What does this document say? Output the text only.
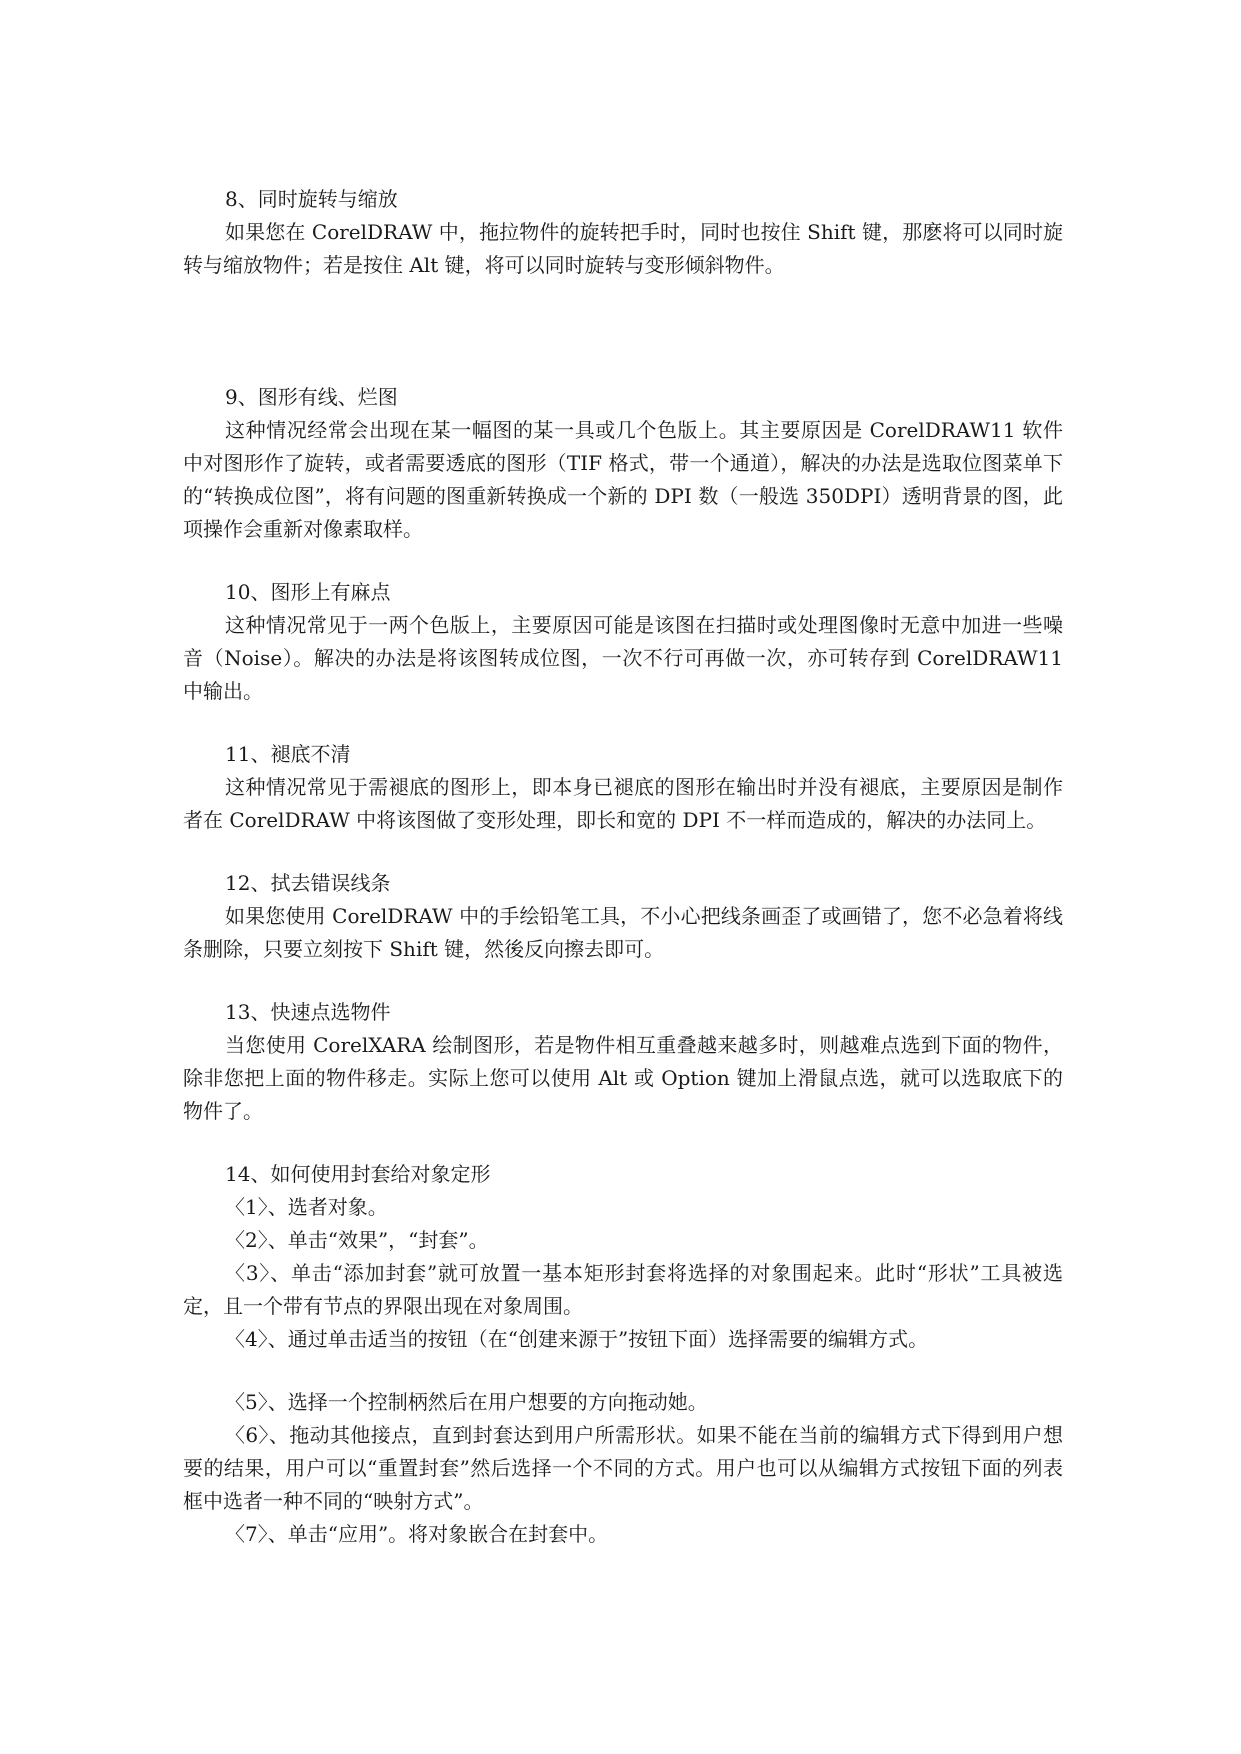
8、同时旋转与缩放

如果您在 CorelDRAW 中，拖拉物件的旋转把手时，同时也按住 Shift 键，那麽将可以同时旋转与缩放物件；若是按住 Alt 键，将可以同时旋转与变形倾斜物件。

9、图形有线、烂图

这种情况经常会出现在某一幅图的某一具或几个色版上。其主要原因是 CorelDRAW11 软件中对图形作了旋转，或者需要透底的图形（TIF 格式，带一个通道），解决的办法是选取位图菜单下的“转换成位图”，将有问题的图重新转换成一个新的 DPI 数（一般选 350DPI）透明背景的图，此项操作会重新对像素取样。

10、图形上有麻点

这种情况常见于一两个色版上，主要原因可能是该图在扫描时或处理图像时无意中加进一些噪音（Noise）。解决的办法是将该图转成位图，一次不行可再做一次，亦可转存到 CorelDRAW11 中输出。

11、褪底不清

这种情况常见于需褪底的图形上，即本身已褪底的图形在输出时并没有褪底，主要原因是制作者在 CorelDRAW 中将该图做了变形处理，即长和宽的 DPI 不一样而造成的，解决的办法同上。

12、拭去错误线条

如果您使用 CorelDRAW 中的手绘铅笔工具，不小心把线条画歪了或画错了，您不必急着将线条删除，只要立刻按下 Shift 键，然後反向擦去即可。

13、快速点选物件

当您使用 CorelXARA 绘制图形，若是物件相互重叠越来越多时，则越难点选到下面的物件，除非您把上面的物件移走。实际上您可以使用 Alt 或 Option 键加上滑鼠点选，就可以选取底下的物件了。

14、如何使用封套给对象定形

〈1〉、选者对象。

〈2〉、单击“效果”，“封套”。

〈3〉、单击“添加封套”就可放置一基本矩形封套将选择的对象围起来。此时“形状”工具被选定，且一个带有节点的界限出现在对象周围。

〈4〉、通过单击适当的按钮（在“创建来源于”按钮下面）选择需要的编辑方式。

〈5〉、选择一个控制柄然后在用户想要的方向拖动她。

〈6〉、拖动其他接点，直到封套达到用户所需形状。如果不能在当前的编辑方式下得到用户想要的结果，用户可以“重置封套”然后选择一个不同的方式。用户也可以从编辑方式按钮下面的列表框中选者一种不同的“映射方式”。

〈7〉、单击“应用”。将对象嵌合在封套中。
